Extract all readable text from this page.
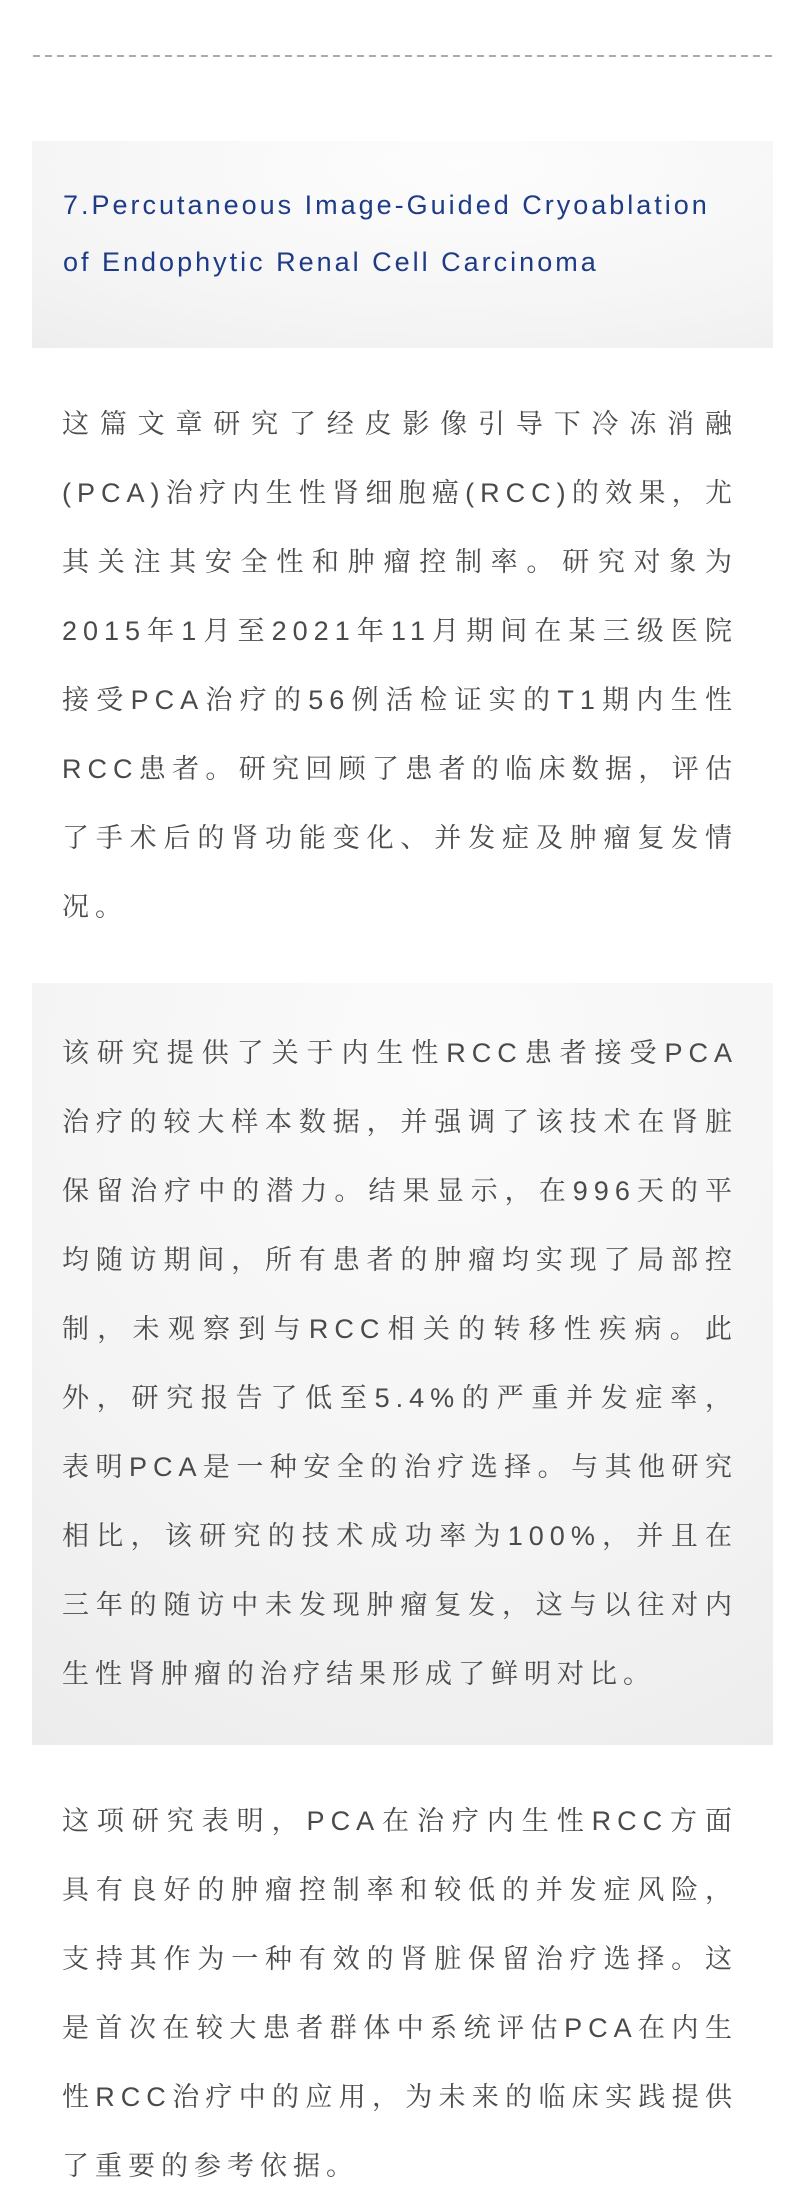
7.Percutaneous Image-Guided Cryoablation of Endophytic Renal Cell Carcinoma

这篇文章研究了经皮影像引导下冷冻消融(PCA)治疗内生性肾细胞癌(RCC)的效果，尤其关注其安全性和肿瘤控制率。研究对象为2015年1月至2021年11月期间在某三级医院接受PCA治疗的56例活检证实的T1期内生性RCC患者。研究回顾了患者的临床数据，评估了手术后的肾功能变化、并发症及肿瘤复发情况。

该研究提供了关于内生性RCC患者接受PCA治疗的较大样本数据，并强调了该技术在肾脏保留治疗中的潜力。结果显示，在996天的平均随访期间，所有患者的肿瘤均实现了局部控制，未观察到与RCC相关的转移性疾病。此外，研究报告了低至5.4%的严重并发症率，表明PCA是一种安全的治疗选择。与其他研究相比，该研究的技术成功率为100%，并且在三年的随访中未发现肿瘤复发，这与以往对内生性肾肿瘤的治疗结果形成了鲜明对比。

这项研究表明，PCA在治疗内生性RCC方面具有良好的肿瘤控制率和较低的并发症风险，支持其作为一种有效的肾脏保留治疗选择。这是首次在较大患者群体中系统评估PCA在内生性RCC治疗中的应用，为未来的临床实践提供了重要的参考依据。
